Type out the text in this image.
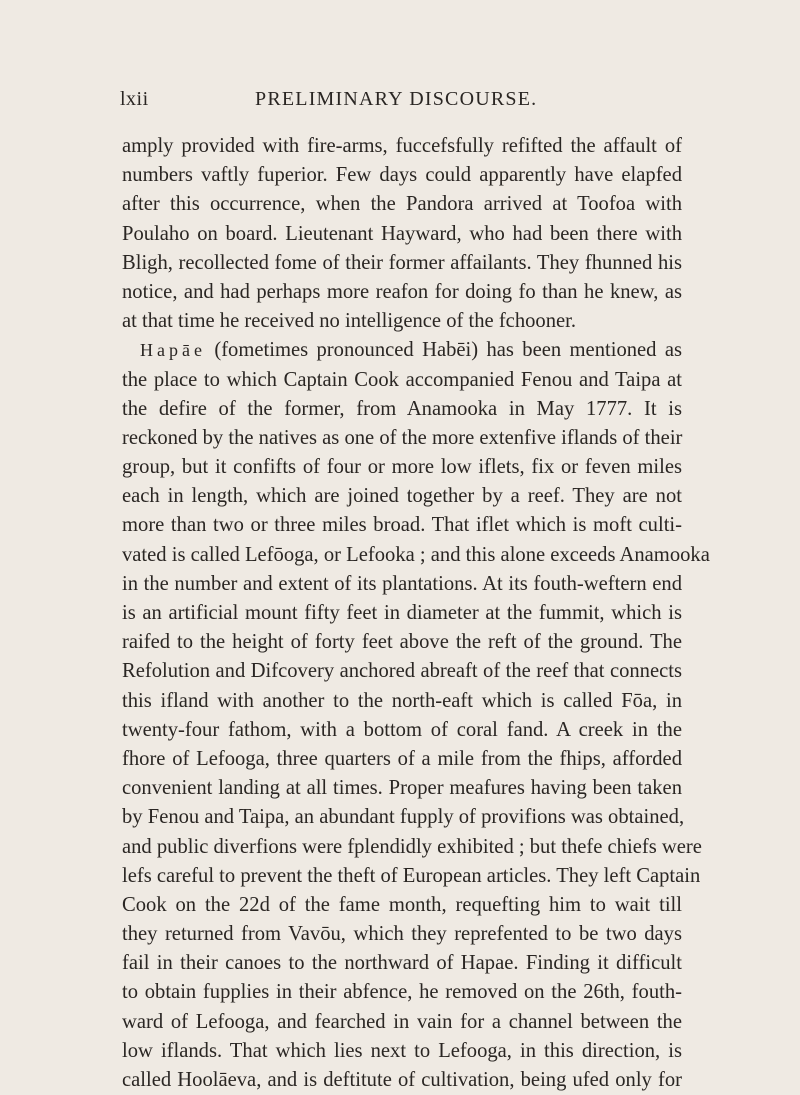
lxii	PRELIMINARY DISCOURSE.
amply provided with fire-arms, fuccefsfully refifted the affault of
numbers vaftly fuperior. Few days could apparently have elapfed
after this occurrence, when the Pandora arrived at Toofoa with
Poulaho on board. Lieutenant Hayward, who had been there with
Bligh, recollected fome of their former affailants. They fhunned his
notice, and had perhaps more reafon for doing fo than he knew, as
at that time he received no intelligence of the fchooner.
Hapāe (fometimes pronounced Habēi) has been mentioned as
the place to which Captain Cook accompanied Fenou and Taipa at
the defire of the former, from Anamooka in May 1777. It is
reckoned by the natives as one of the more extenfive iflands of their
group, but it confifts of four or more low iflets, fix or feven miles
each in length, which are joined together by a reef. They are not
more than two or three miles broad. That iflet which is moft culti-
vated is called Lefōoga, or Lefooka ; and this alone exceeds Anamooka
in the number and extent of its plantations. At its fouth-weftern end
is an artificial mount fifty feet in diameter at the fummit, which is
raifed to the height of forty feet above the reft of the ground. The
Refolution and Difcovery anchored abreaft of the reef that connects
this ifland with another to the north-eaft which is called Fōa, in
twenty-four fathom, with a bottom of coral fand. A creek in the
fhore of Lefooga, three quarters of a mile from the fhips, afforded
convenient landing at all times. Proper meafures having been taken
by Fenou and Taipa, an abundant fupply of provifions was obtained,
and public diverfions were fplendidly exhibited ; but thefe chiefs were
lefs careful to prevent the theft of European articles. They left Captain
Cook on the 22d of the fame month, requefting him to wait till
they returned from Vavōu, which they reprefented to be two days
fail in their canoes to the northward of Hapae. Finding it difficult
to obtain fupplies in their abfence, he removed on the 26th, fouth-
ward of Lefooga, and fearched in vain for a channel between the
low iflands. That which lies next to Lefooga, in this direction, is
called Hoolāeva, and is deftitute of cultivation, being ufed only for
